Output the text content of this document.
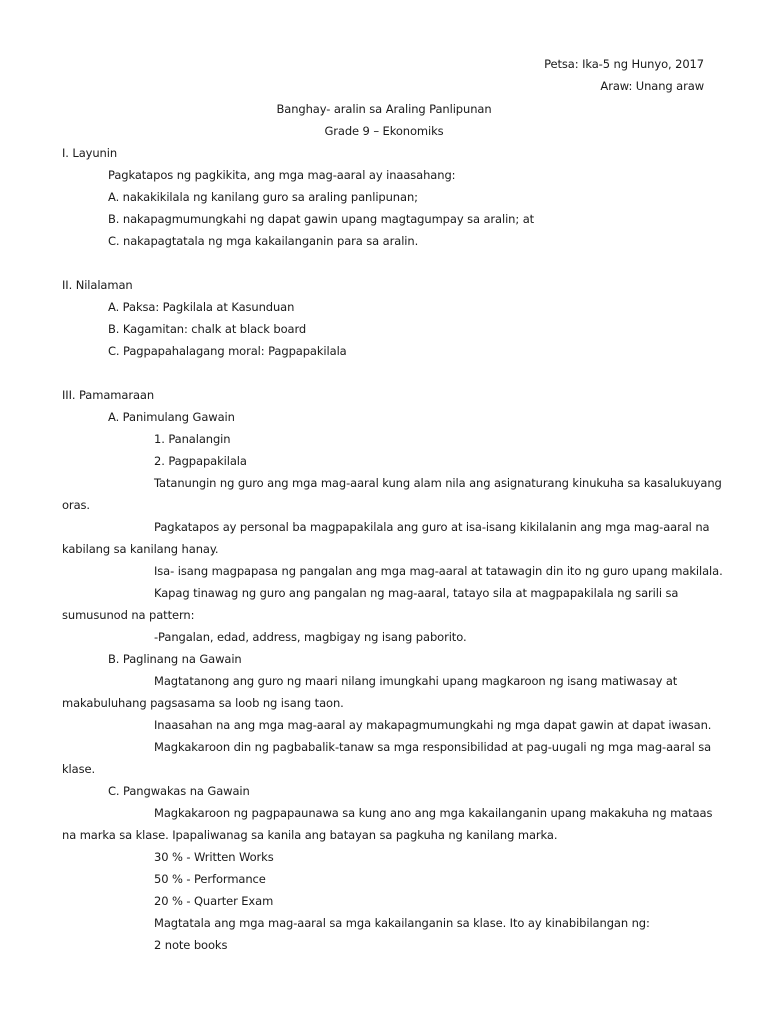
Petsa: Ika-5 ng Hunyo, 2017
Araw: Unang araw
Banghay- aralin sa Araling Panlipunan
Grade 9 – Ekonomiks
I. Layunin
Pagkatapos ng pagkikita, ang mga mag-aaral ay inaasahang:
A. nakakikilala ng kanilang guro sa araling panlipunan;
B. nakapagmumungkahi ng dapat gawin upang magtagumpay sa aralin; at
C. nakapagtatala ng mga kakailanganin para sa aralin.
II. Nilalaman
A. Paksa: Pagkilala at Kasunduan
B. Kagamitan: chalk at black board
C. Pagpapahalagang moral: Pagpapakilala
III. Pamamaraan
A. Panimulang Gawain
1. Panalangin
2. Pagpapakilala
Tatanungin ng guro ang mga mag-aaral kung alam nila ang asignaturang kinukuha sa kasalukuyang
oras.
Pagkatapos ay personal ba magpapakilala ang guro at isa-isang kikilalanin ang mga mag-aaral na
kabilang sa kanilang hanay.
Isa- isang magpapasa ng pangalan ang mga mag-aaral at tatawagin din ito ng guro upang makilala.
Kapag tinawag ng guro ang pangalan ng mag-aaral, tatayo sila at magpapakilala ng sarili sa
sumusunod na pattern:
-Pangalan, edad, address, magbigay ng isang paborito.
B. Paglinang na Gawain
Magtatanong ang guro ng maari nilang imungkahi upang magkaroon ng isang matiwasay at
makabuluhang pagsasama sa loob ng isang taon.
Inaasahan na ang mga mag-aaral ay makapagmumungkahi ng mga dapat gawin at dapat iwasan.
Magkakaroon din ng pagbabalik-tanaw sa mga responsibilidad at pag-uugali ng mga mag-aaral sa
klase.
C. Pangwakas na Gawain
Magkakaroon ng pagpapaunawa sa kung ano ang mga kakailanganin upang makakuha ng mataas
na marka sa klase. Ipapaliwanag sa kanila ang batayan sa pagkuha ng kanilang marka.
30 % - Written Works
50 % - Performance
20 % - Quarter Exam
Magtatala ang mga mag-aaral sa mga kakailanganin sa klase. Ito ay kinabibilangan ng:
2 note books
